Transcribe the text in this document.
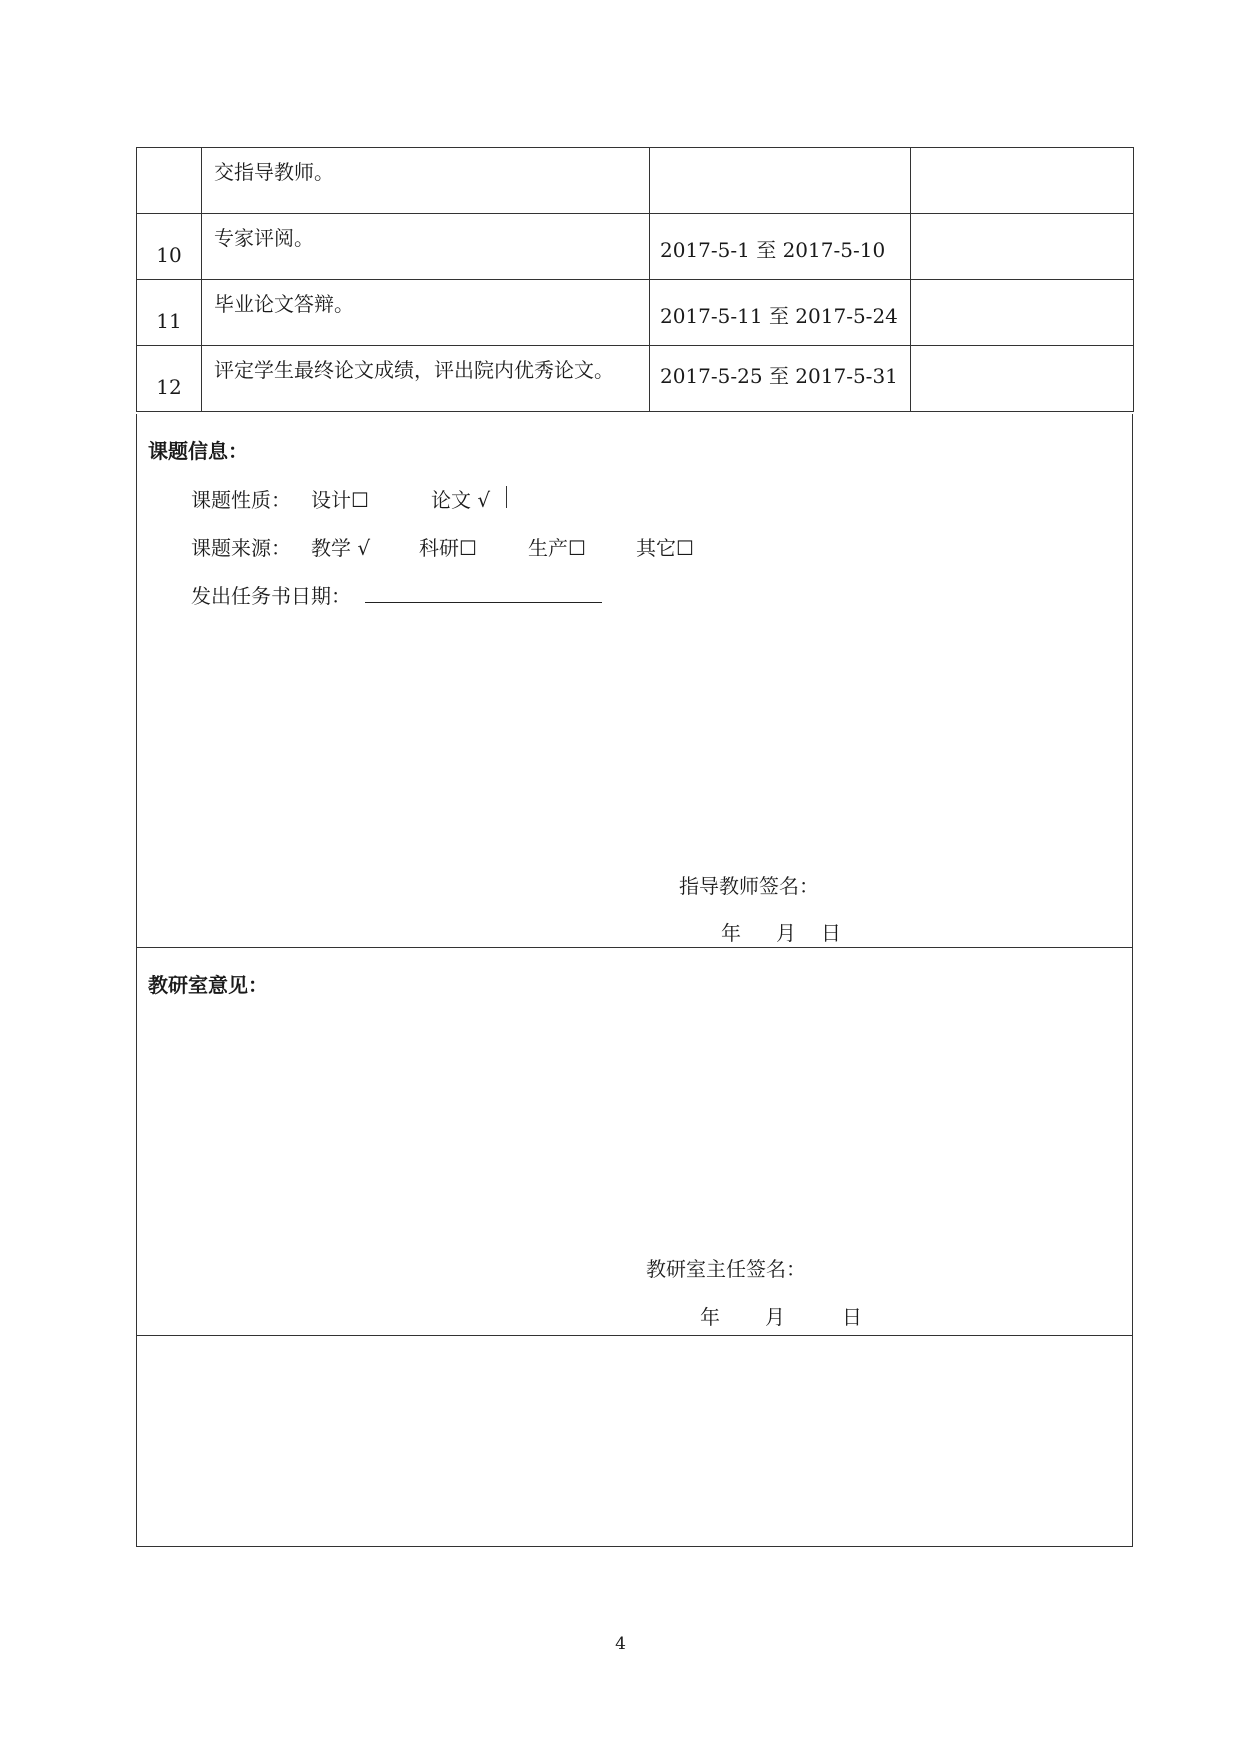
	交指导教师。		
10	专家评阅。	2017-5-1 至 2017-5-10	
11	毕业论文答辩。	2017-5-11 至 2017-5-24	
12	评定学生最终论文成绩，评出院内优秀论文。	2017-5-25 至 2017-5-31	
课题信息：
课题性质： 设计☐	论文 √
课题来源： 教学 √ 科研☐	生产☐	其它☐
发出任务书日期：
指导教师签名：
年 月 日
教研室意见：
教研室主任签名：
年 月	日
4
